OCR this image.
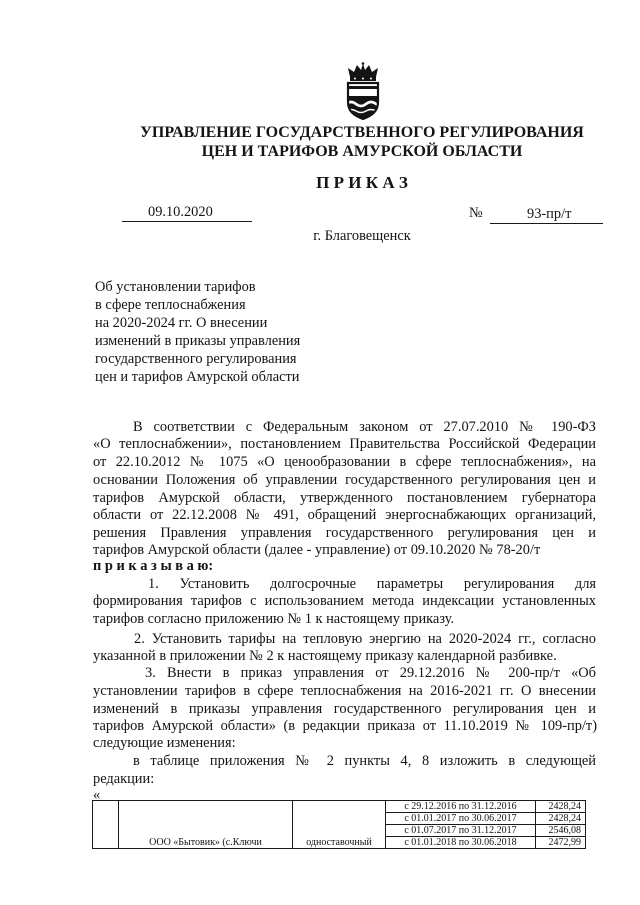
УПРАВЛЕНИЕ ГОСУДАРСТВЕННОГО РЕГУЛИРОВАНИЯ
ЦЕН И ТАРИФОВ АМУРСКОЙ ОБЛАСТИ
П Р И К А З
09.10.2020	№	93-пр/т
г. Благовещенск
Об установлении тарифов
в сфере теплоснабжения
на 2020-2024 гг. О внесении
изменений в приказы управления
государственного регулирования
цен и тарифов Амурской области
В соответствии с Федеральным законом от 27.07.2010 № 190-ФЗ
«О теплоснабжении», постановлением Правительства Российской Федерации
от 22.10.2012 № 1075 «О ценообразовании в сфере теплоснабжения», на
основании Положения об управлении государственного регулирования цен и
тарифов Амурской области, утвержденного постановлением губернатора
области от 22.12.2008 № 491, обращений энергоснабжающих организаций,
решения Правления управления государственного регулирования цен и
тарифов Амурской области (далее - управление) от 09.10.2020 № 78-20/т
п р и к а з ы в а ю:
1. Установить долгосрочные параметры регулирования для
формирования тарифов с использованием метода индексации установленных
тарифов согласно приложению № 1 к настоящему приказу.
2. Установить тарифы на тепловую энергию на 2020-2024 гг., согласно
указанной в приложении № 2 к настоящему приказу календарной разбивке.
3. Внести в приказ управления от 29.12.2016 № 200-пр/т «Об
установлении тарифов в сфере теплоснабжения на 2016-2021 гг. О внесении
изменений в приказы управления государственного регулирования цен и
тарифов Амурской области» (в редакции приказа от 11.10.2019 № 109-пр/т)
следующие изменения:
в таблице приложения № 2 пункты 4, 8 изложить в следующей
редакции:
«
	ООО «Бытовик» (с.Ключи	одноставочный	с 29.12.2016 по 31.12.2016	2428,24
			с 01.01.2017 по 30.06.2017	2428,24
			с 01.07.2017 по 31.12.2017	2546,08
			с 01.01.2018 по 30.06.2018	2472,99
